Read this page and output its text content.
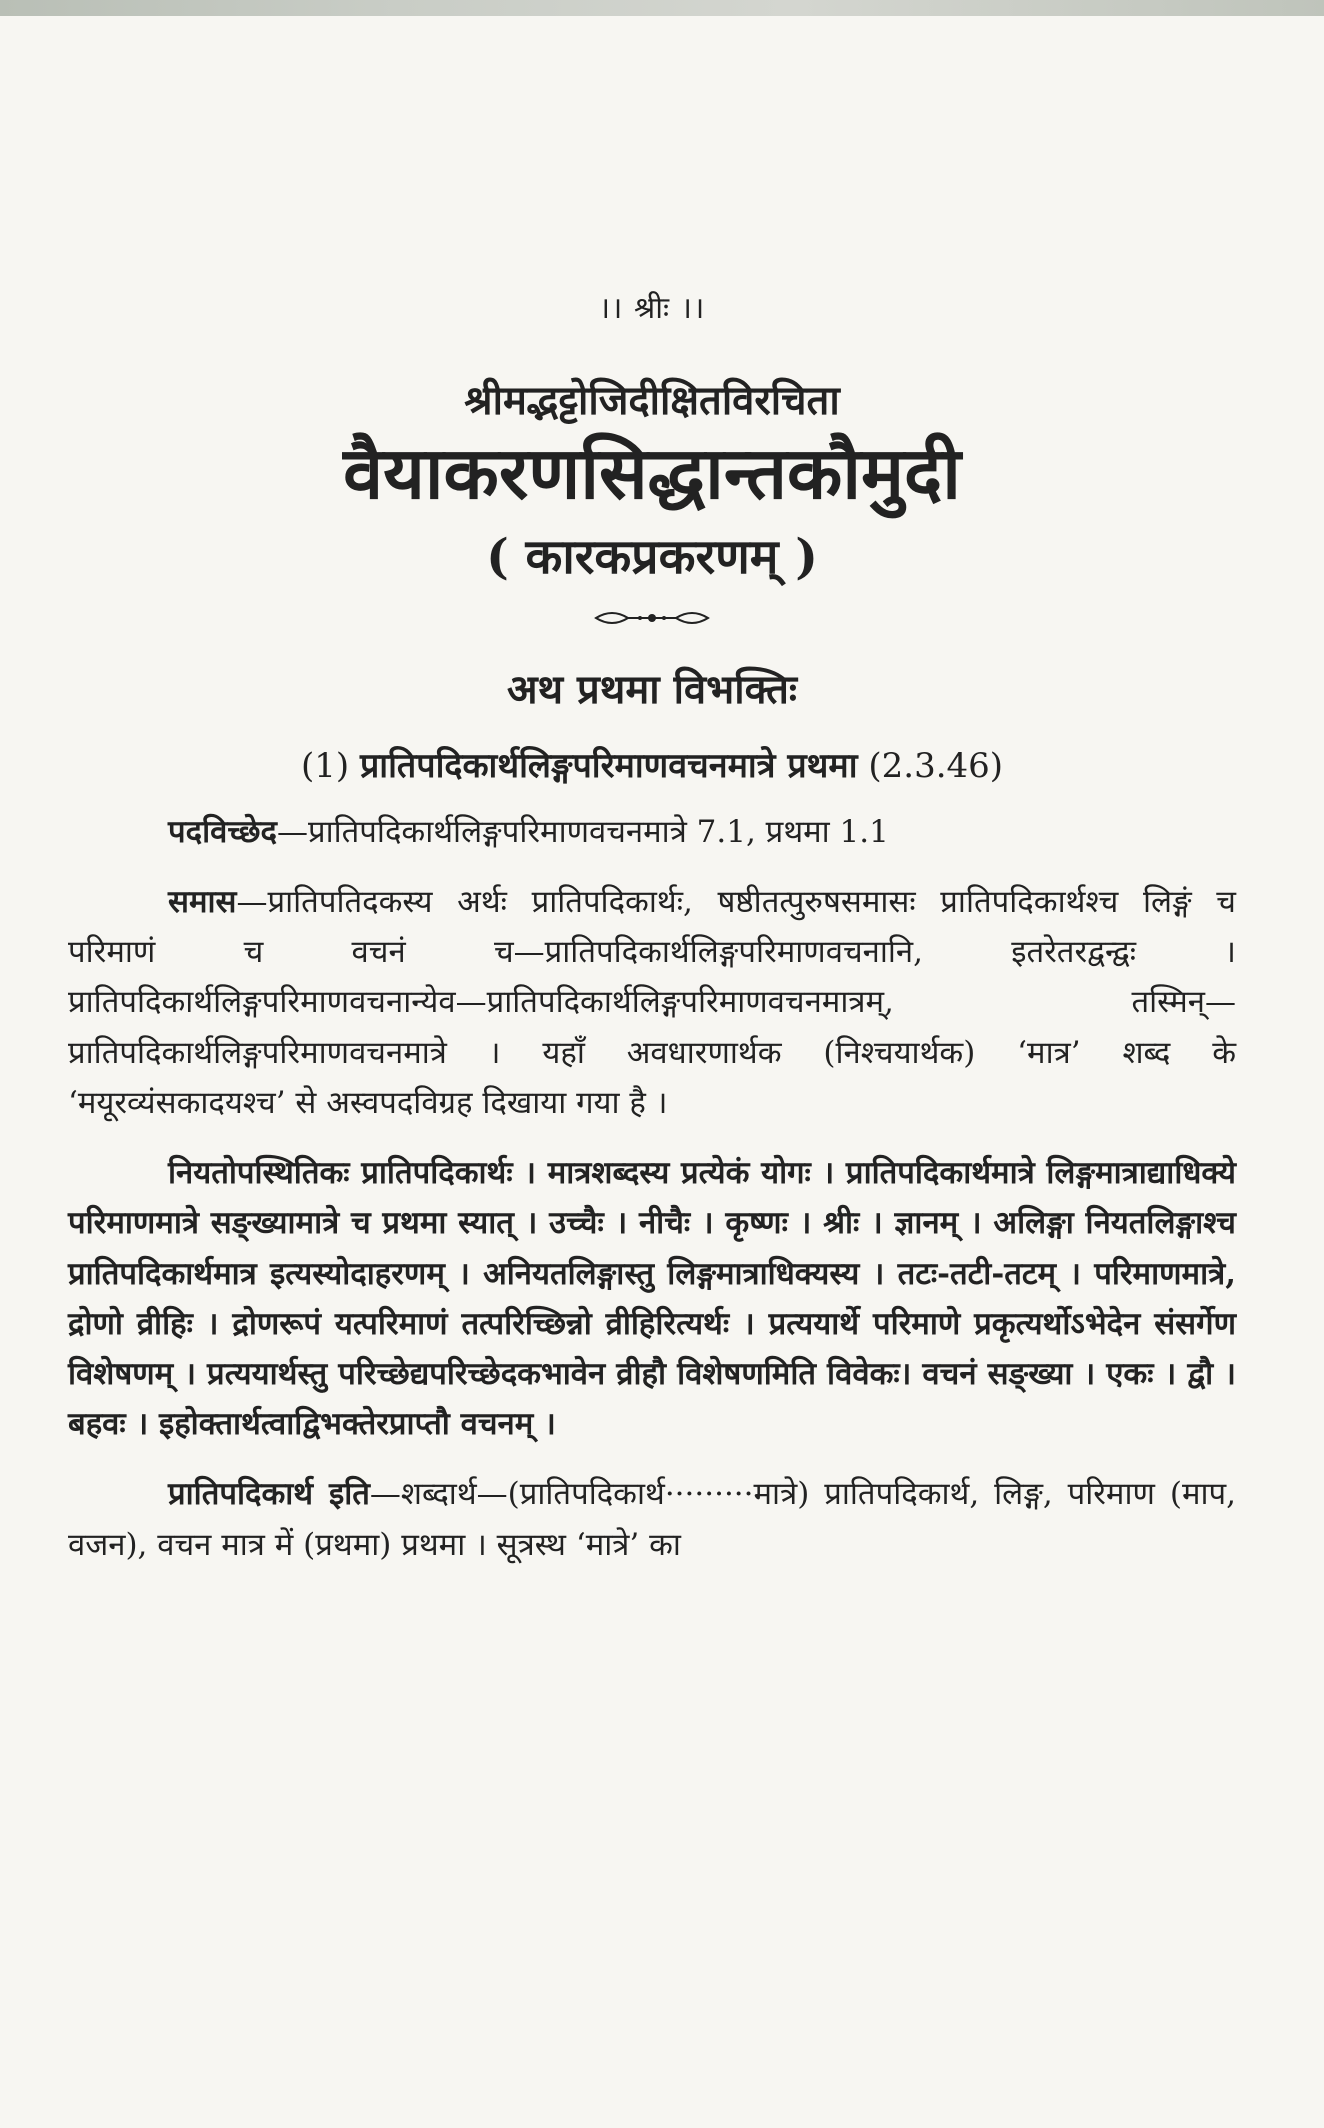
।। श्रीः ।।
श्रीमद्भट्टोजिदीक्षितविरचिता
वैयाकरणसिद्धान्तकौमुदी
( कारकप्रकरणम् )
अथ प्रथमा विभक्तिः
(1) प्रातिपदिकार्थलिङ्गपरिमाणवचनमात्रे प्रथमा (2.3.46)

पदविच्छेद—प्रातिपदिकार्थलिङ्गपरिमाणवचनमात्रे 7.1, प्रथमा 1.1

समास—प्रातिपतिदकस्य अर्थः प्रातिपदिकार्थः, षष्ठीतत्पुरुषसमासः प्रातिपदिकार्थश्च लिङ्गं च परिमाणं च वचनं च—प्रातिपदिकार्थलिङ्गपरिमाणवचनानि, इतरेतरद्वन्द्वः । प्रातिपदिकार्थलिङ्गपरिमाणवचनान्येव—प्रातिपदिकार्थलिङ्गपरिमाणवचनमात्रम्, तस्मिन्—प्रातिपदिकार्थलिङ्गपरिमाणवचनमात्रे । यहाँ अवधारणार्थक (निश्चयार्थक) ‘मात्र’ शब्द के ‘मयूरव्यंसकादयश्च’ से अस्वपदविग्रह दिखाया गया है ।

नियतोपस्थितिकः प्रातिपदिकार्थः । मात्रशब्दस्य प्रत्येकं योगः । प्रातिपदिकार्थमात्रे लिङ्गमात्राद्याधिक्ये परिमाणमात्रे सङ्ख्यामात्रे च प्रथमा स्यात् । उच्चैः । नीचैः । कृष्णः । श्रीः । ज्ञानम् । अलिङ्गा नियतलिङ्गाश्च प्रातिपदिकार्थमात्र इत्यस्योदाहरणम् । अनियतलिङ्गास्तु लिङ्गमात्राधिक्यस्य । तटः-तटी-तटम् । परिमाणमात्रे, द्रोणो व्रीहिः । द्रोणरूपं यत्परिमाणं तत्परिच्छिन्नो व्रीहिरित्यर्थः । प्रत्ययार्थे परिमाणे प्रकृत्यर्थोऽभेदेन संसर्गेण विशेषणम् । प्रत्ययार्थस्तु परिच्छेद्यपरिच्छेदकभावेन व्रीहौ विशेषणमिति विवेकः। वचनं सङ्ख्या । एकः । द्वौ । बहवः । इहोक्तार्थत्वाद्विभक्तेरप्राप्तौ वचनम् ।

प्रातिपदिकार्थ इति—शब्दार्थ—(प्रातिपदिकार्थ·········मात्रे) प्रातिपदिकार्थ, लिङ्ग, परिमाण (माप, वजन), वचन मात्र में (प्रथमा) प्रथमा । सूत्रस्थ ‘मात्रे’ का
